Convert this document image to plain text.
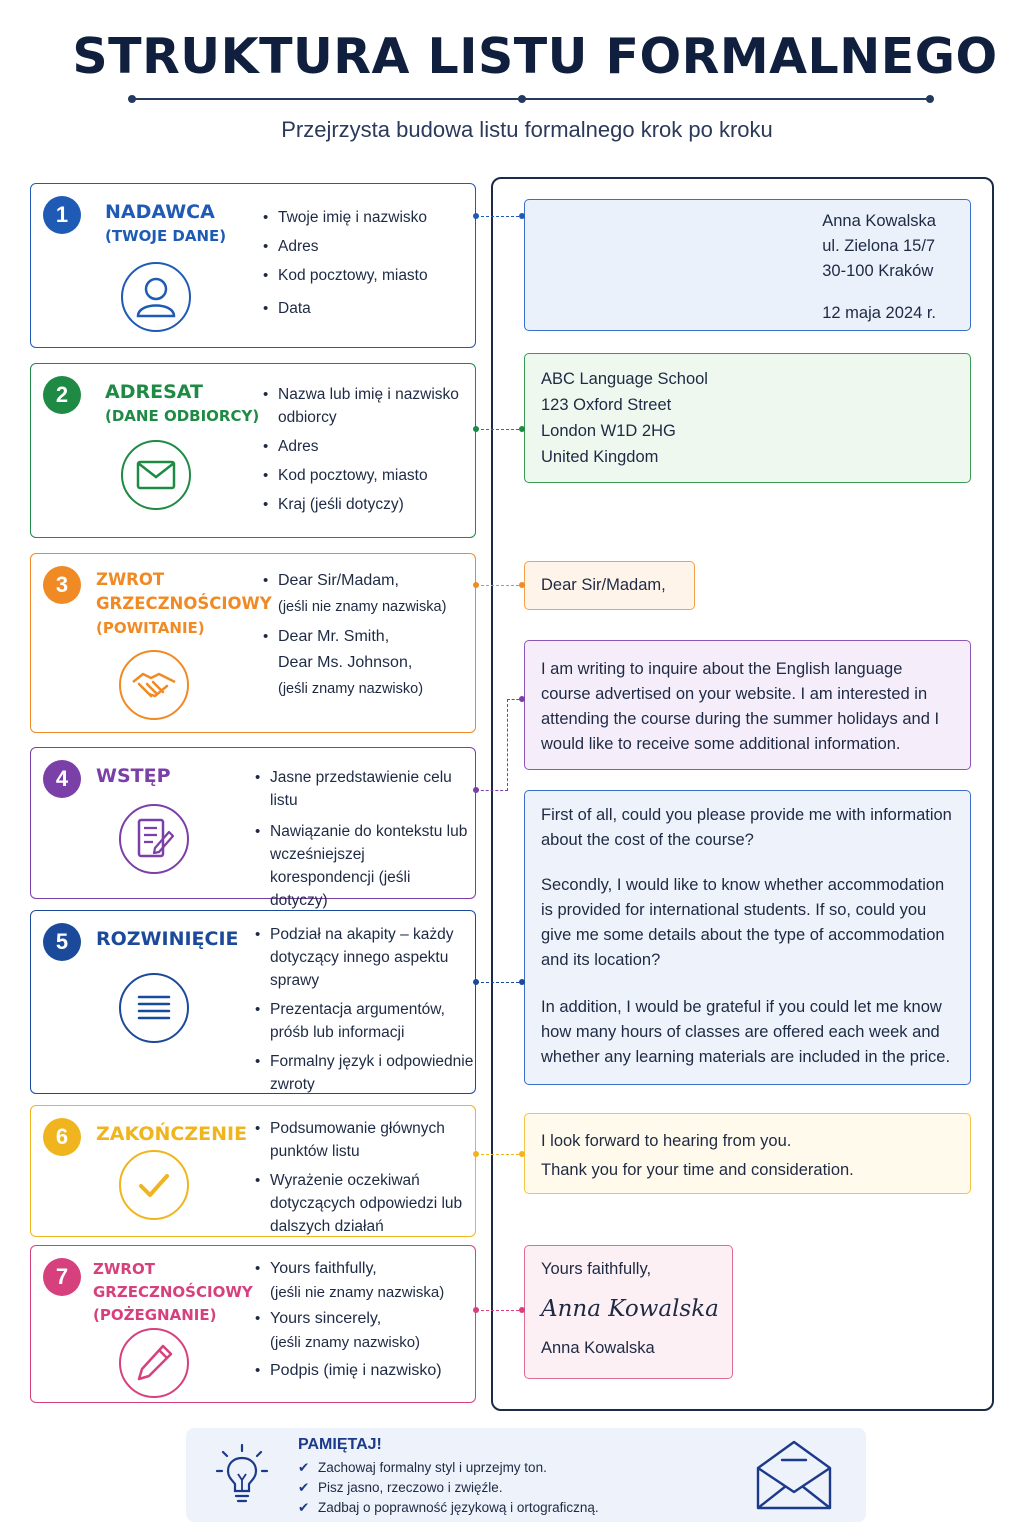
STRUKTURA LISTU FORMALNEGO
Przejrzysta budowa listu formalnego krok po kroku
1	NADAWCA
(TWOJE DANE)
• Twoje imię i nazwisko
• Adres
• Kod pocztowy, miasto
• Data
2	ADRESAT
(DANE ODBIORCY)
• Nazwa lub imię i nazwisko odbiorcy
• Adres
• Kod pocztowy, miasto
• Kraj (jeśli dotyczy)
3	ZWROT
GRZECZNOŚCIOWY
(POWITANIE)
• Dear Sir/Madam,
(jeśli nie znamy nazwiska)
• Dear Mr. Smith,
Dear Ms. Johnson,
(jeśli znamy nazwisko)
4	WSTĘP	• Jasne przedstawienie celu listu
• Nawiązanie do kontekstu lub wcześniejszej korespondencji (jeśli dotyczy)
5	ROZWINIĘCIE	• Podział na akapity – każdy dotyczący innego aspektu sprawy
• Prezentacja argumentów, próśb lub informacji
• Formalny język i odpowiednie zwroty
6	ZAKOŃCZENIE	• Podsumowanie głównych punktów listu
• Wyrażenie oczekiwań dotyczących odpowiedzi lub dalszych działań
7	ZWROT
GRZECZNOŚCIOWY
(POŻEGNANIE)
• Yours faithfully,
(jeśli nie znamy nazwiska)
• Yours sincerely,
(jeśli znamy nazwisko)
• Podpis (imię i nazwisko)

Anna Kowalska

ul. Zielona 15/7

30-100 Kraków

12 maja 2024 r.

ABC Language School

123 Oxford Street

London W1D 2HG

United Kingdom

Dear Sir/Madam,

I am writing to inquire about the English language course advertised on your website. I am interested in attending the course during the summer holidays and I would like to receive some additional information.

First of all, could you please provide me with information about the cost of the course?

Secondly, I would like to know whether accommodation is provided for international students. If so, could you give me some details about the type of accommodation and its location?

In addition, I would be grateful if you could let me know how many hours of classes are offered each week and whether any learning materials are included in the price.

I look forward to hearing from you.

Thank you for your time and consideration.

Yours faithfully,

Anna Kowalska

Anna Kowalska

PAMIĘTAJ!
✔ Zachowaj formalny styl i uprzejmy ton.
✔ Pisz jasno, rzeczowo i zwięźle.
✔ Zadbaj o poprawność językową i ortograficzną.
